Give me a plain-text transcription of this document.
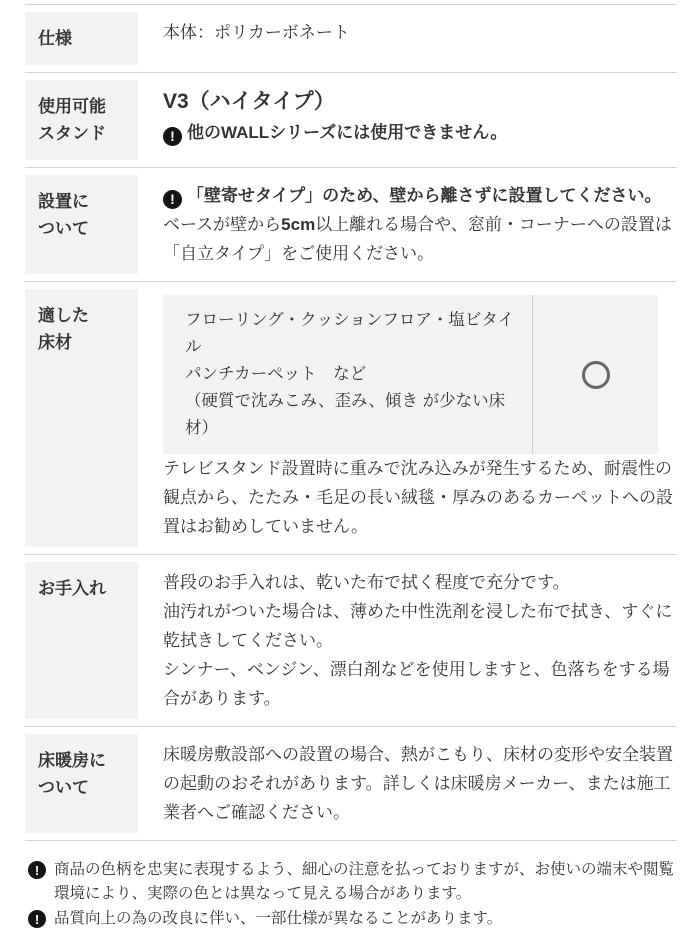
仕様	本体：ポリカーボネート

使用可能
スタンド

V3（ハイタイプ）

! 他のWALLシリーズには使用できません。

設置に
ついて

! 「壁寄せタイプ」のため、壁から離さずに設置してください。

ベースが壁から5cm以上離れる場合や、窓前・コーナーへの設置は「自立タイプ」をご使用ください。

適した
床材
フローリング・クッションフロア・塩ビタイル
パンチカーペット　など
（硬質で沈みこみ、歪み、傾き が少ない床材）

テレビスタンド設置時に重みで沈み込みが発生するため、耐震性の観点から、たたみ・毛足の長い絨毯・厚みのあるカーペットへの設置はお勧めしていません。

お手入れ	普段のお手入れは、乾いた布で拭く程度で充分です。

油汚れがついた場合は、薄めた中性洗剤を浸した布で拭き、すぐに乾拭きしてください。

シンナー、ベンジン、漂白剤などを使用しますと、色落ちをする場合があります。

床暖房に
ついて

床暖房敷設部への設置の場合、熱がこもり、床材の変形や安全装置の起動のおそれがあります。詳しくは床暖房メーカー、または施工業者へご確認ください。

! 商品の色柄を忠実に表現するよう、細心の注意を払っておりますが、お使いの端末や閲覧環境により、実際の色とは異なって見える場合があります。
! 品質向上の為の改良に伴い、一部仕様が異なることがあります。
